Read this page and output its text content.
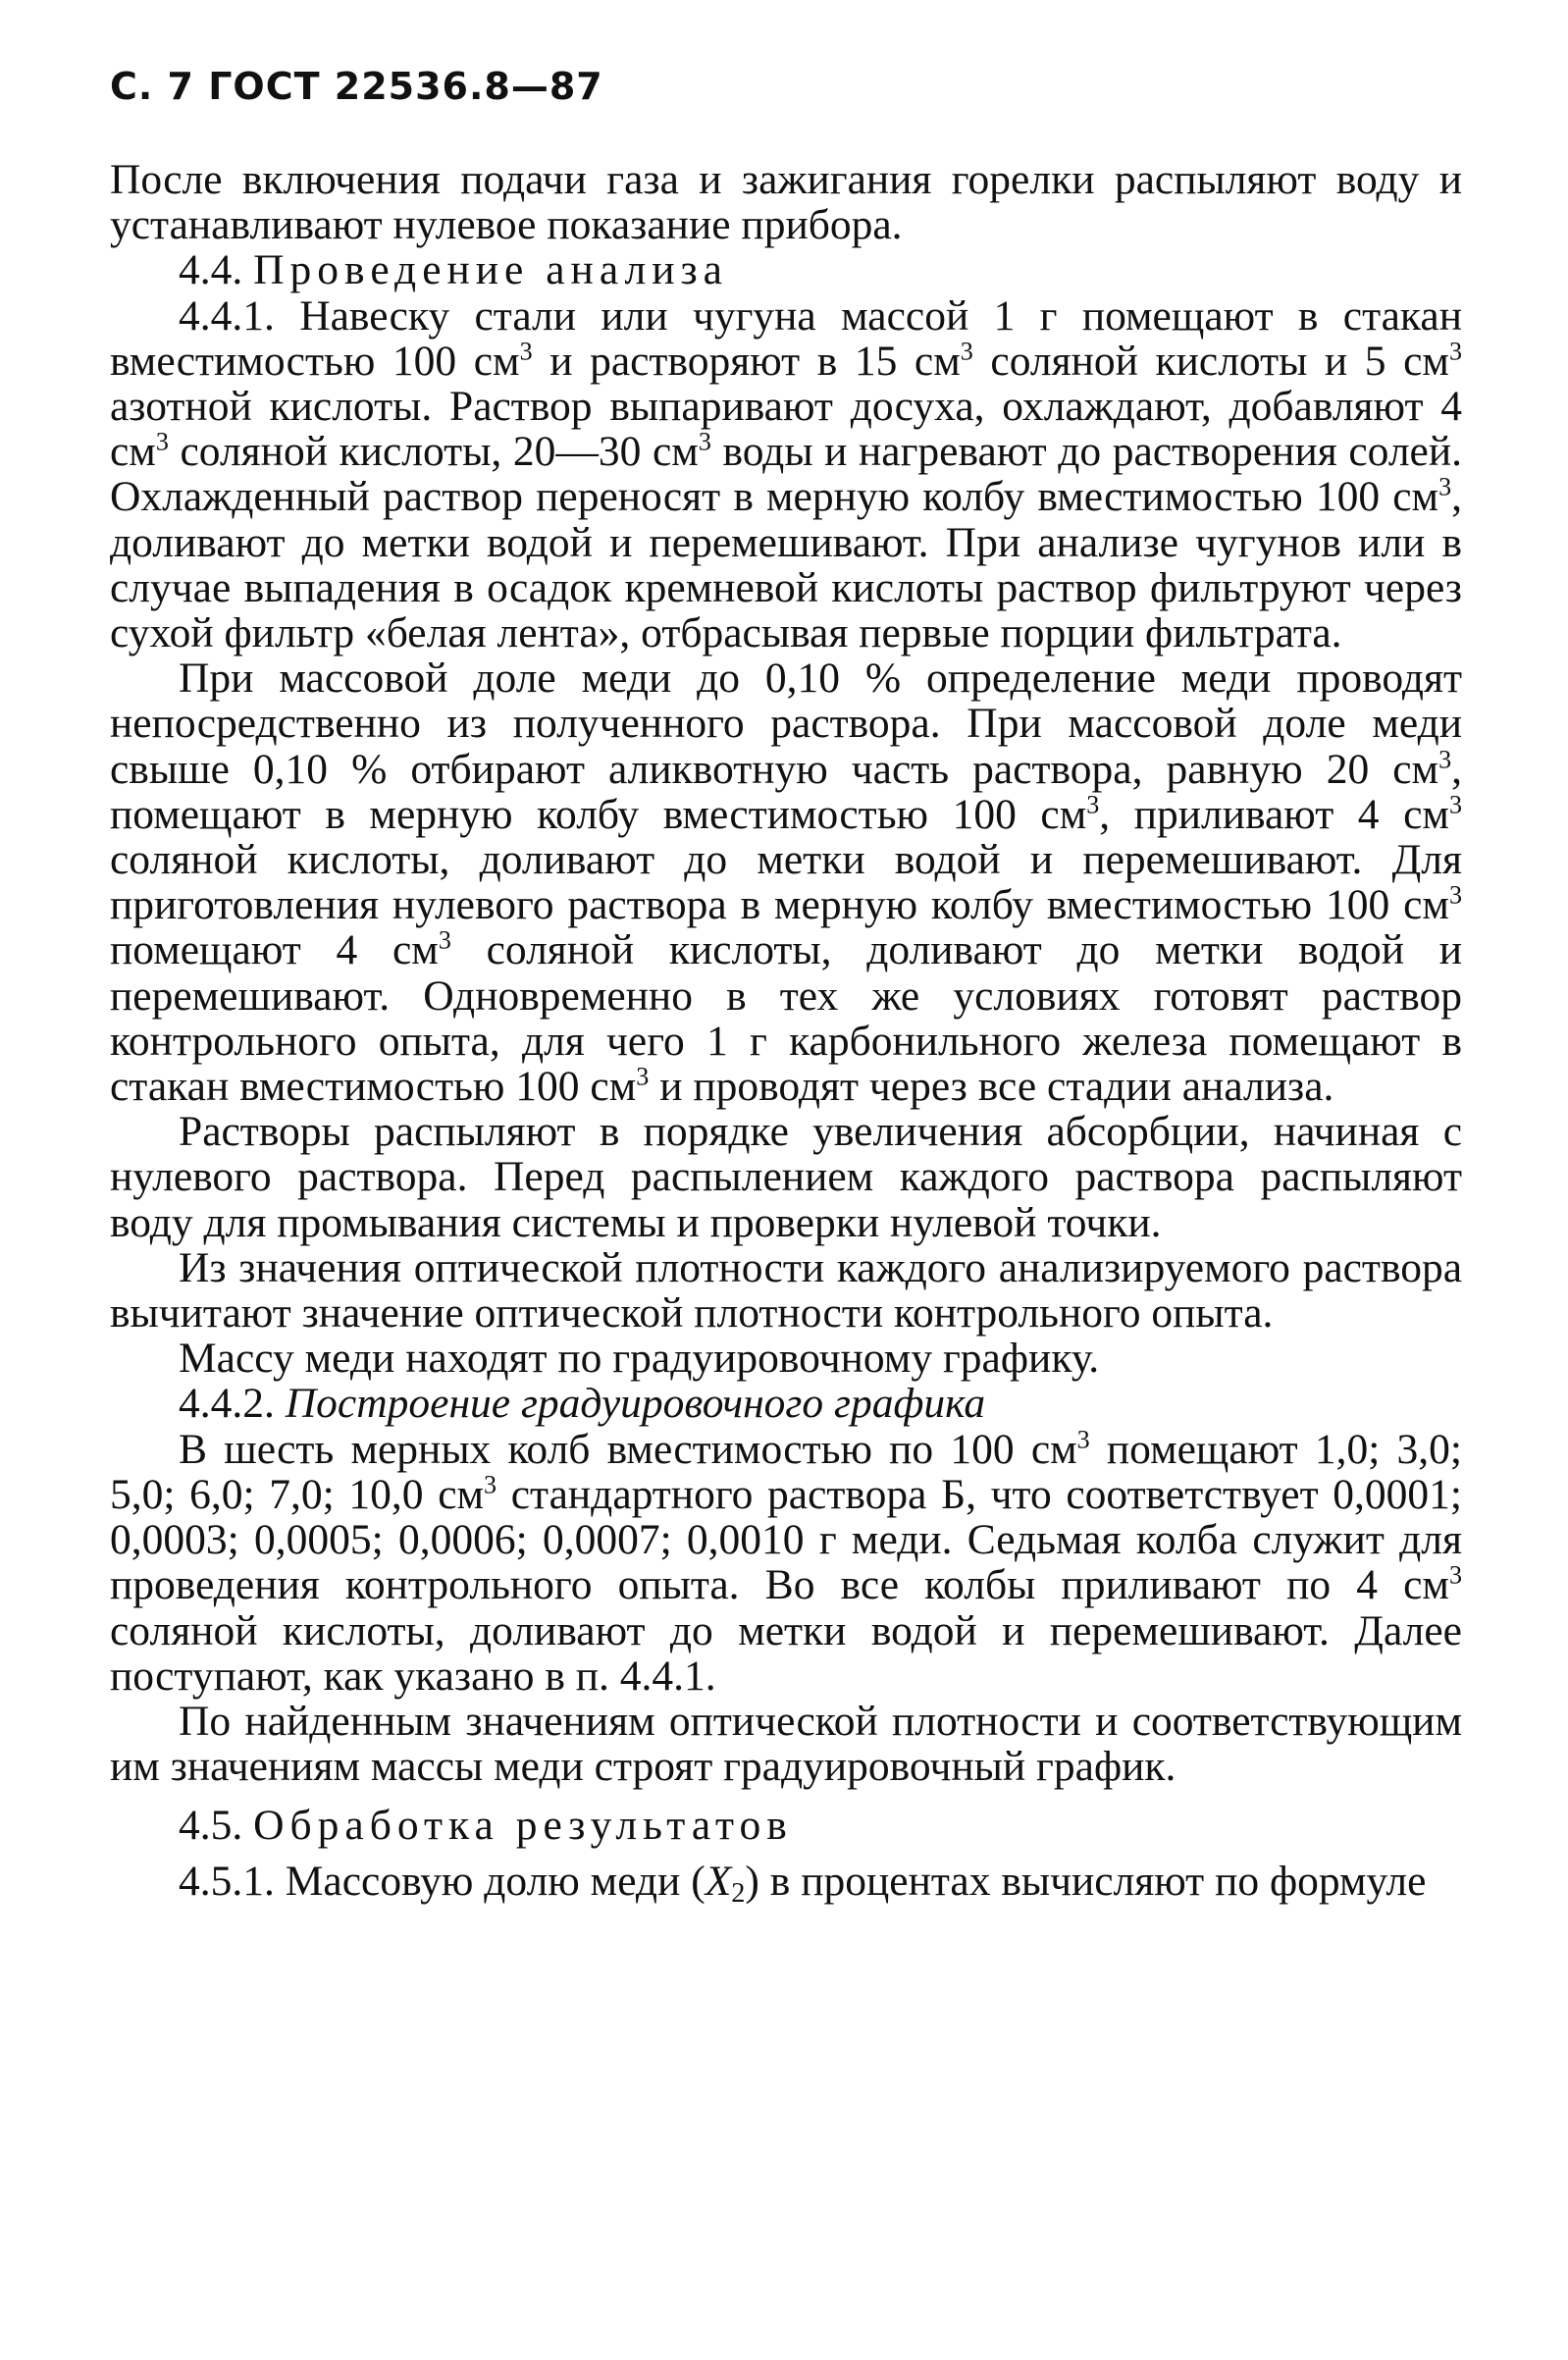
С. 7 ГОСТ 22536.8—87

После включения подачи газа и зажигания горелки распыляют воду и устанавливают нулевое показание прибора.

4.4. Проведение анализа

4.4.1. Навеску стали или чугуна массой 1 г помещают в стакан вместимостью 100 $см^3$ и растворяют в 15 $см^3$ соляной кислоты и 5 $см^3$ азотной кислоты. Раствор выпаривают досуха, охлаждают, добавляют 4 $см^3$ соляной кислоты, 20—30 $см^3$ воды и нагревают до растворения солей. Охлажденный раствор переносят в мерную колбу вместимостью 100 $см^3$, доливают до метки водой и перемешивают. При анализе чугунов или в случае выпадения в осадок кремневой кислоты раствор фильтруют через сухой фильтр «белая лента», отбрасывая первые порции фильтрата.

При массовой доле меди до 0,10 % определение меди проводят непосредственно из полученного раствора. При массовой доле меди свыше 0,10 % отбирают аликвотную часть раствора, равную 20 $см^3$, помещают в мерную колбу вместимостью 100 $см^3$, приливают 4 $см^3$ соляной кислоты, доливают до метки водой и перемешивают. Для приготовления нулевого раствора в мерную колбу вместимостью 100 $см^3$ помещают 4 $см^3$ соляной кислоты, доливают до метки водой и перемешивают. Одновременно в тех же условиях готовят раствор контрольного опыта, для чего 1 г карбонильного железа помещают в стакан вместимостью 100 $см^3$ и проводят через все стадии анализа.

Растворы распыляют в порядке увеличения абсорбции, начиная с нулевого раствора. Перед распылением каждого раствора распыляют воду для промывания системы и проверки нулевой точки.

Из значения оптической плотности каждого анализируемого раствора вычитают значение оптической плотности контрольного опыта.

Массу меди находят по градуировочному графику.

4.4.2. Построение градуировочного графика

В шесть мерных колб вместимостью по 100 $см^3$ помещают 1,0; 3,0; 5,0; 6,0; 7,0; 10,0 $см^3$ стандартного раствора Б, что соответствует 0,0001; 0,0003; 0,0005; 0,0006; 0,0007; 0,0010 г меди. Седьмая колба служит для проведения контрольного опыта. Во все колбы приливают по 4 $см^3$ соляной кислоты, доливают до метки водой и перемешивают. Далее поступают, как указано в п. 4.4.1.

По найденным значениям оптической плотности и соответствующим им значениям массы меди строят градуировочный график.

4.5. Обработка результатов

4.5.1. Массовую долю меди $(X_2)$ в процентах вычисляют по формуле
